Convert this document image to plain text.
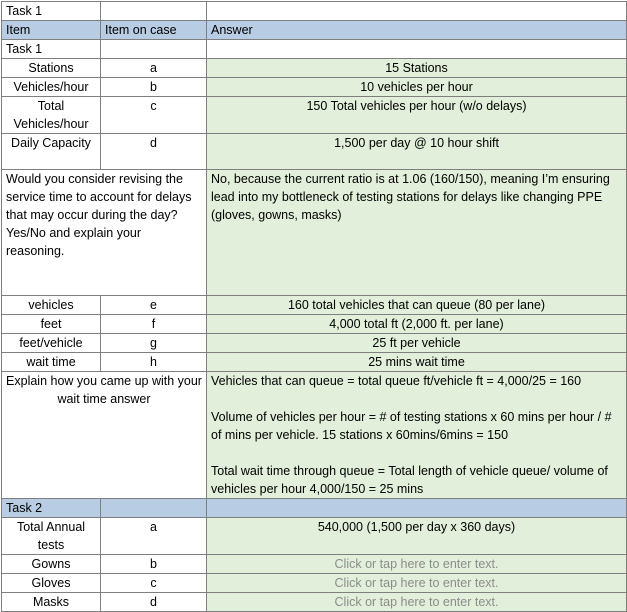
Task 1		
Item	Item on case	Answer
Task 1		
Stations	a	15 Stations
Vehicles/hour	b	10 vehicles per hour
Total Vehicles/hour	c	150 Total vehicles per hour (w/o delays)
Daily Capacity	d	1,500 per day @ 10 hour shift
Would you consider revising the service time to account for delays that may occur during the day? Yes/No and explain your reasoning.		No, because the current ratio is at 1.06 (160/150), meaning I’m ensuring lead into my bottleneck of testing stations for delays like changing PPE (gloves, gowns, masks)
vehicles	e	160 total vehicles that can queue (80 per lane)
feet	f	4,000 total ft (2,000 ft. per lane)
feet/vehicle	g	25 ft per vehicle
wait time	h	25 mins wait time
Explain how you came up with your wait time answer		Vehicles that can queue = total queue ft/vehicle ft = 4,000/25 = 160

Volume of vehicles per hour = # of testing stations x 60 mins per hour / # of mins per vehicle. 15 stations x 60mins/6mins = 150

Total wait time through queue = Total length of vehicle queue/ volume of vehicles per hour 4,000/150 = 25 mins

Task 2		
Total Annual tests	a	540,000 (1,500 per day x 360 days)
Gowns	b	Click or tap here to enter text.
Gloves	c	Click or tap here to enter text.
Masks	d	Click or tap here to enter text.
